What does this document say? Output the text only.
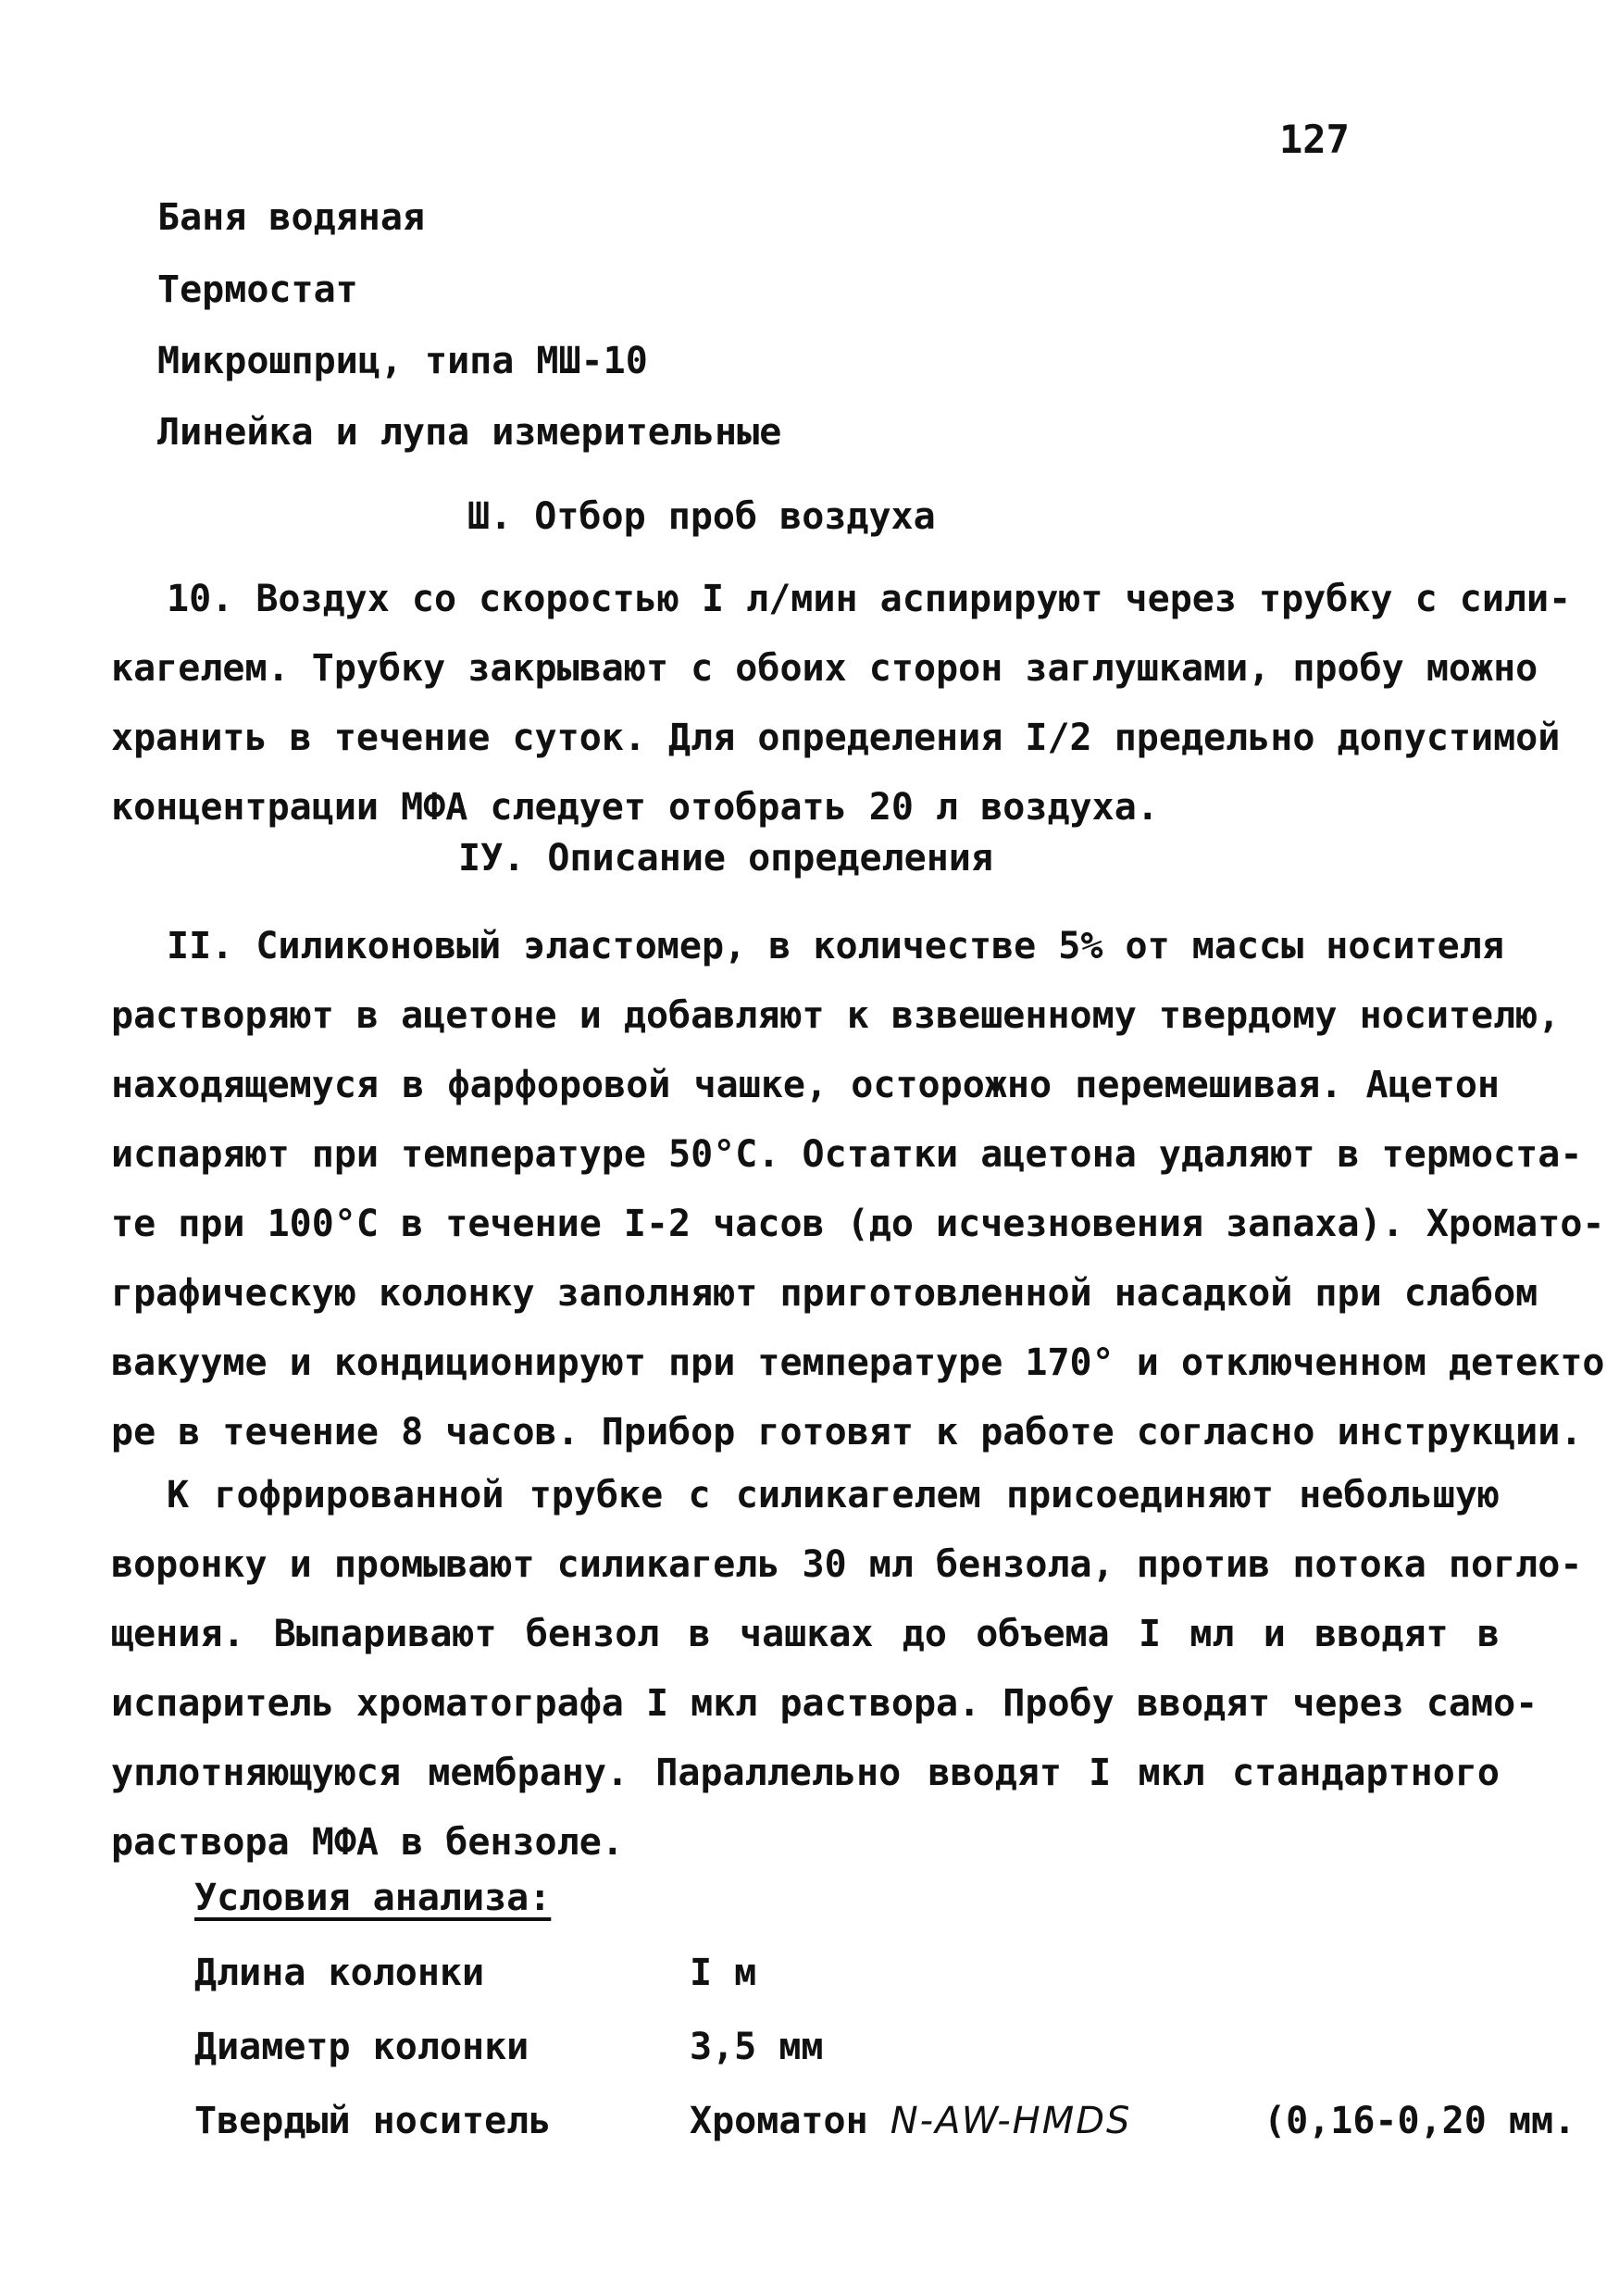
127
Баня водяная
Термостат
Микрошприц, типа МШ-10
Линейка и лупа измерительные
Ш. Отбор проб воздуха
10. Воздух со скоростью I л/мин аспирируют через трубку с сили-
кагелем. Трубку закрывают с обоих сторон заглушками, пробу можно
хранить в течение суток. Для определения I/2 предельно допустимой
концентрации МФА следует отобрать 20 л воздуха.
IУ. Описание определения
II. Силиконовый эластомер, в количестве 5% от массы носителя
растворяют в ацетоне и добавляют к взвешенному твердому носителю,
находящемуся в фарфоровой чашке, осторожно перемешивая. Ацетон
испаряют при температуре 50°C. Остатки ацетона удаляют в термоста-
те при 100°C в течение I-2 часов (до исчезновения запаха). Хромато-
графическую колонку заполняют приготовленной насадкой при слабом
вакууме и кондиционируют при температуре 170° и отключенном детекто
ре в течение 8 часов. Прибор готовят к работе согласно инструкции.
К гофрированной трубке с силикагелем присоединяют небольшую
воронку и промывают силикагель 30 мл бензола, против потока погло-
щения. Выпаривают бензол в чашках до объема I мл и вводят в
испаритель хроматографа I мкл раствора. Пробу вводят через само-
уплотняющуюся мембрану. Параллельно вводят I мкл стандартного
раствора МФА в бензоле.
Условия анализа:
Длина колонки	I м
Диаметр колонки	3,5 мм
Твердый носитель	Хроматон N-AW-HMDS	(0,16-0,20 мм.
